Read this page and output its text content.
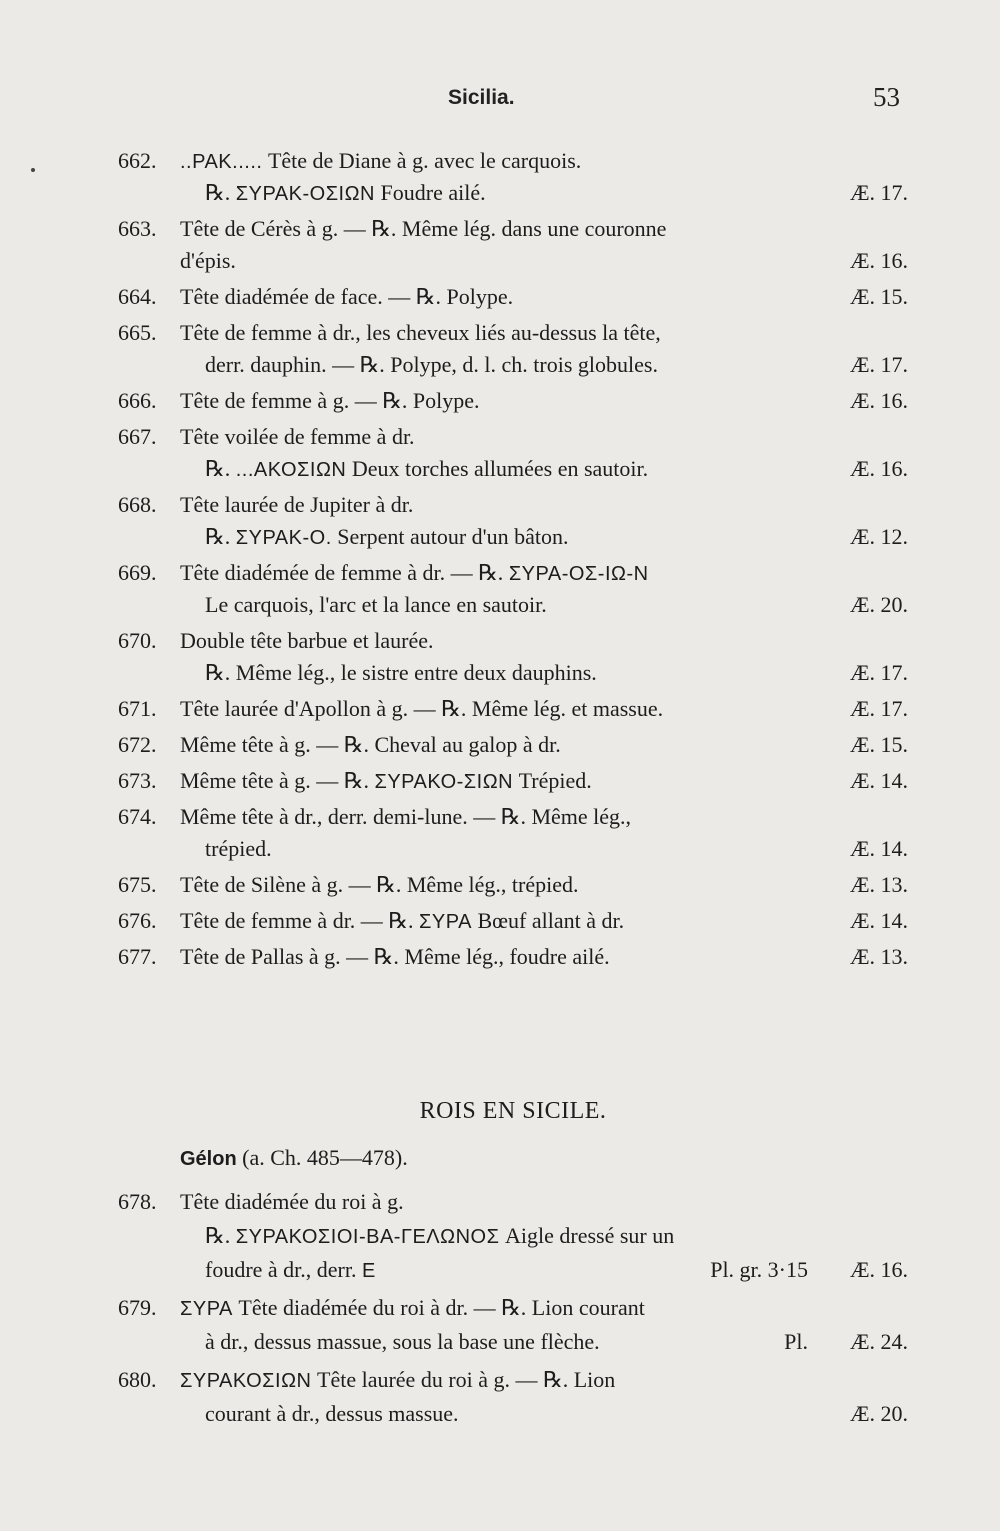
Sicilia.	53
662.	..ΡΑΚ..... Tête de Diane à g. avec le carquois.
℞. ΣΥΡΑΚ-ΟΣΙΩΝ Foudre ailé.	Æ. 17.
663.	Tête de Cérès à g. — ℞. Même lég. dans une couronne
d'épis.	Æ. 16.
664.	Tête diadémée de face. — ℞. Polype.	Æ. 15.
665.	Tête de femme à dr., les cheveux liés au-dessus la tête,
derr. dauphin. — ℞. Polype, d. l. ch. trois globules.	Æ. 17.
666.	Tête de femme à g. — ℞. Polype.	Æ. 16.
667.	Tête voilée de femme à dr.
℞. ...ΑΚΟΣΙΩΝ Deux torches allumées en sautoir.	Æ. 16.
668.	Tête laurée de Jupiter à dr.
℞. ΣΥΡΑΚ-Ο. Serpent autour d'un bâton.	Æ. 12.
669.	Tête diadémée de femme à dr. — ℞. ΣΥΡΑ-ΟΣ-ΙΩ-Ν
Le carquois, l'arc et la lance en sautoir.	Æ. 20.
670.	Double tête barbue et laurée.
℞. Même lég., le sistre entre deux dauphins.	Æ. 17.
671.	Tête laurée d'Apollon à g. — ℞. Même lég. et massue.	Æ. 17.
672.	Même tête à g. — ℞. Cheval au galop à dr.	Æ. 15.
673.	Même tête à g. — ℞. ΣΥΡΑΚΟ-ΣΙΩΝ Trépied.	Æ. 14.
674.	Même tête à dr., derr. demi-lune. — ℞. Même lég.,
trépied.	Æ. 14.
675.	Tête de Silène à g. — ℞. Même lég., trépied.	Æ. 13.
676.	Tête de femme à dr. — ℞. ΣΥΡΑ Bœuf allant à dr.	Æ. 14.
677.	Tête de Pallas à g. — ℞. Même lég., foudre ailé.	Æ. 13.
ROIS EN SICILE.
Gélon (a. Ch. 485—478).
678.	Tête diadémée du roi à g.
℞. ΣΥΡΑΚΟΣΙΟΙ-ΒΑ-ΓΕΛΩΝΟΣ Aigle dressé sur un
foudre à dr., derr. Ε	Pl. gr. 3·15 Æ. 16.
679.	ΣΥΡΑ Tête diadémée du roi à dr. — ℞. Lion courant
à dr., dessus massue, sous la base une flèche.	Pl. Æ. 24.
680.	ΣΥΡΑΚΟΣΙΩΝ Tête laurée du roi à g. — ℞. Lion
courant à dr., dessus massue.	Æ. 20.
